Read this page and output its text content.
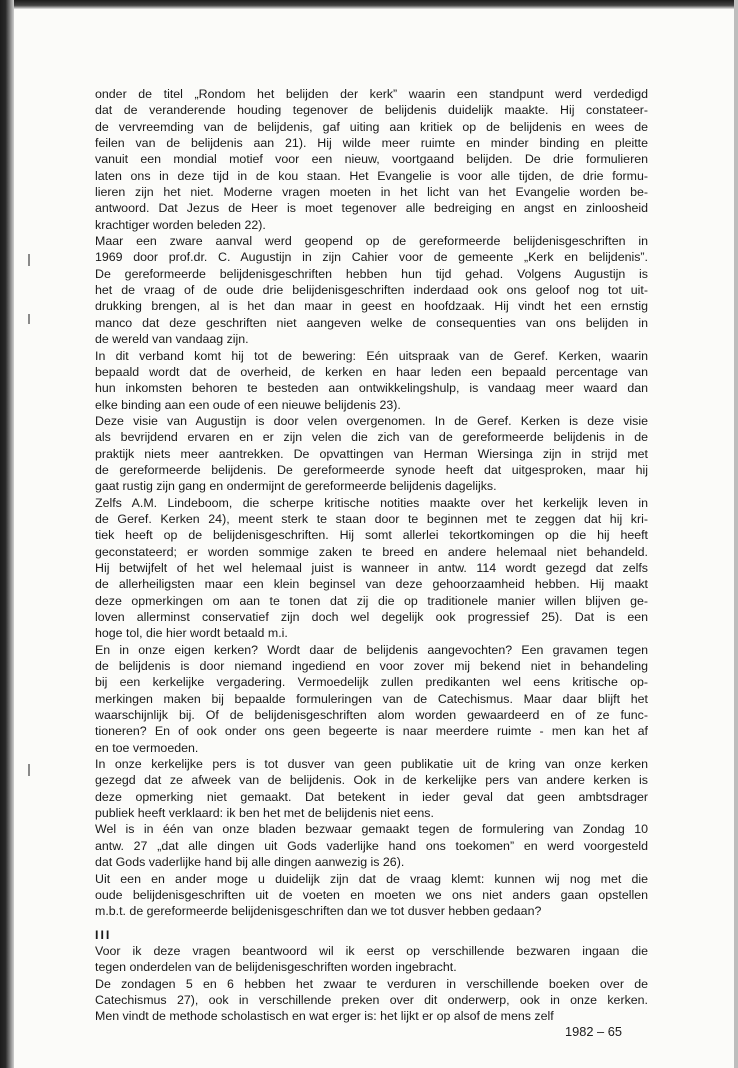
onder de titel „Rondom het belijden der kerk” waarin een standpunt werd verdedigd
dat de veranderende houding tegenover de belijdenis duidelijk maakte. Hij constateer-
de vervreemding van de belijdenis, gaf uiting aan kritiek op de belijdenis en wees de
feilen van de belijdenis aan 21). Hij wilde meer ruimte en minder binding en pleitte
vanuit een mondial motief voor een nieuw, voortgaand belijden. De drie formulieren
laten ons in deze tijd in de kou staan. Het Evangelie is voor alle tijden, de drie formu-
lieren zijn het niet. Moderne vragen moeten in het licht van het Evangelie worden be-
antwoord. Dat Jezus de Heer is moet tegenover alle bedreiging en angst en zinloosheid
krachtiger worden beleden 22).
Maar een zware aanval werd geopend op de gereformeerde belijdenisgeschriften in
1969 door prof.dr. C. Augustijn in zijn Cahier voor de gemeente „Kerk en belijdenis”.
De gereformeerde belijdenisgeschriften hebben hun tijd gehad. Volgens Augustijn is
het de vraag of de oude drie belijdenisgeschriften inderdaad ook ons geloof nog tot uit-
drukking brengen, al is het dan maar in geest en hoofdzaak. Hij vindt het een ernstig
manco dat deze geschriften niet aangeven welke de consequenties van ons belijden in
de wereld van vandaag zijn.
In dit verband komt hij tot de bewering: Eén uitspraak van de Geref. Kerken, waarin
bepaald wordt dat de overheid, de kerken en haar leden een bepaald percentage van
hun inkomsten behoren te besteden aan ontwikkelingshulp, is vandaag meer waard dan
elke binding aan een oude of een nieuwe belijdenis 23).
Deze visie van Augustijn is door velen overgenomen. In de Geref. Kerken is deze visie
als bevrijdend ervaren en er zijn velen die zich van de gereformeerde belijdenis in de
praktijk niets meer aantrekken. De opvattingen van Herman Wiersinga zijn in strijd met
de gereformeerde belijdenis. De gereformeerde synode heeft dat uitgesproken, maar hij
gaat rustig zijn gang en ondermijnt de gereformeerde belijdenis dagelijks.
Zelfs A.M. Lindeboom, die scherpe kritische notities maakte over het kerkelijk leven in
de Geref. Kerken 24), meent sterk te staan door te beginnen met te zeggen dat hij kri-
tiek heeft op de belijdenisgeschriften. Hij somt allerlei tekortkomingen op die hij heeft
geconstateerd; er worden sommige zaken te breed en andere helemaal niet behandeld.
Hij betwijfelt of het wel helemaal juist is wanneer in antw. 114 wordt gezegd dat zelfs
de allerheiligsten maar een klein beginsel van deze gehoorzaamheid hebben. Hij maakt
deze opmerkingen om aan te tonen dat zij die op traditionele manier willen blijven ge-
loven allerminst conservatief zijn doch wel degelijk ook progressief 25). Dat is een
hoge tol, die hier wordt betaald m.i.
En in onze eigen kerken? Wordt daar de belijdenis aangevochten? Een gravamen tegen
de belijdenis is door niemand ingediend en voor zover mij bekend niet in behandeling
bij een kerkelijke vergadering. Vermoedelijk zullen predikanten wel eens kritische op-
merkingen maken bij bepaalde formuleringen van de Catechismus. Maar daar blijft het
waarschijnlijk bij. Of de belijdenisgeschriften alom worden gewaardeerd en of ze func-
tioneren? En of ook onder ons geen begeerte is naar meerdere ruimte - men kan het af
en toe vermoeden.
In onze kerkelijke pers is tot dusver van geen publikatie uit de kring van onze kerken
gezegd dat ze afweek van de belijdenis. Ook in de kerkelijke pers van andere kerken is
deze opmerking niet gemaakt. Dat betekent in ieder geval dat geen ambtsdrager
publiek heeft verklaard: ik ben het met de belijdenis niet eens.
Wel is in één van onze bladen bezwaar gemaakt tegen de formulering van Zondag 10
antw. 27 „dat alle dingen uit Gods vaderlijke hand ons toekomen” en werd voorgesteld
dat Gods vaderlijke hand bij alle dingen aanwezig is 26).
Uit een en ander moge u duidelijk zijn dat de vraag klemt: kunnen wij nog met die
oude belijdenisgeschriften uit de voeten en moeten we ons niet anders gaan opstellen
m.b.t. de gereformeerde belijdenisgeschriften dan we tot dusver hebben gedaan?
III
Voor ik deze vragen beantwoord wil ik eerst op verschillende bezwaren ingaan die
tegen onderdelen van de belijdenisgeschriften worden ingebracht.
De zondagen 5 en 6 hebben het zwaar te verduren in verschillende boeken over de
Catechismus 27), ook in verschillende preken over dit onderwerp, ook in onze kerken.
Men vindt de methode scholastisch en wat erger is: het lijkt er op alsof de mens zelf
1982 – 65
